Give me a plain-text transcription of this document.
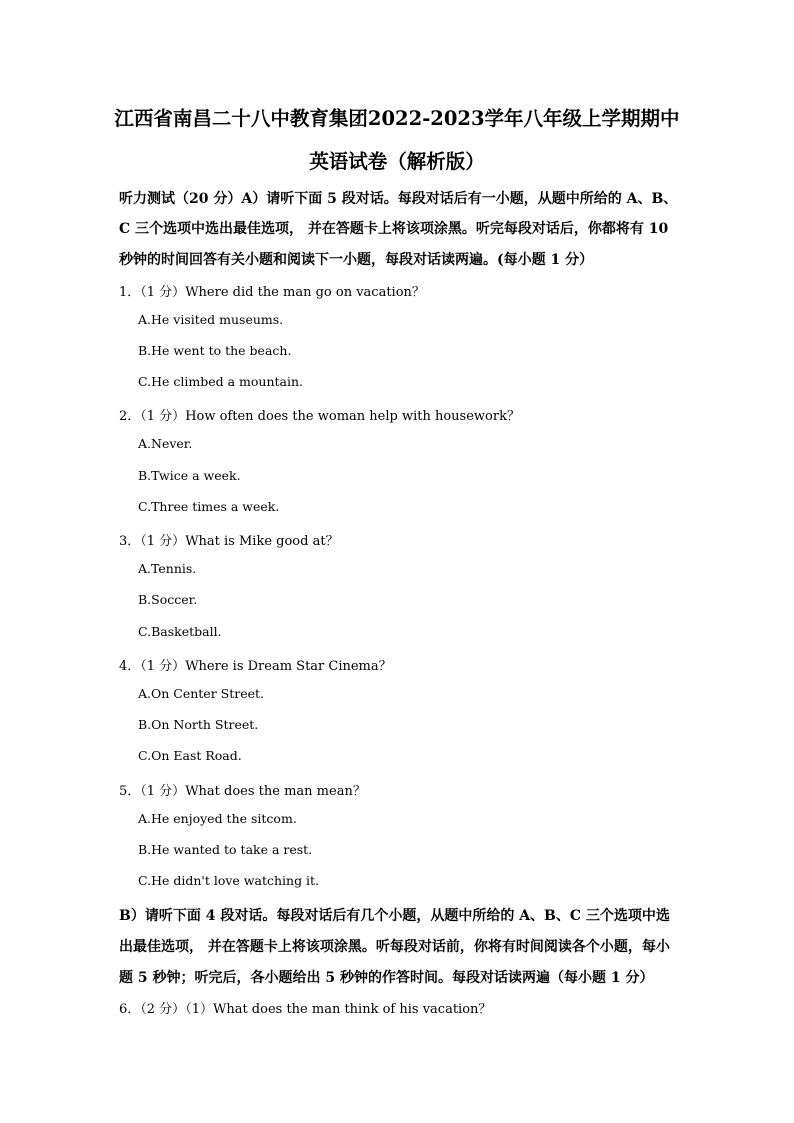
江西省南昌二十八中教育集团2022-2023学年八年级上学期期中
英语试卷（解析版）
听力测试（20 分）A）请听下面 5 段对话。每段对话后有一小题，从题中所给的 A、B、
C 三个选项中选出最佳选项， 并在答题卡上将该项涂黑。听完每段对话后，你都将有 10
秒钟的时间回答有关小题和阅读下一小题，每段对话读两遍。(每小题 1 分）
1．（1 分）Where did the man go on vacation？
A.He visited museums.
B.He went to the beach.
C.He climbed a mountain.
2．（1 分）How often does the woman help with housework？
A.Never.
B.Twice a week.
C.Three times a week.
3．（1 分）What is Mike good at？
A.Tennis.
B.Soccer.
C.Basketball.
4．（1 分）Where is Dream Star Cinema？
A.On Center Street.
B.On North Street.
C.On East Road.
5．（1 分）What does the man mean？
A.He enjoyed the sitcom.
B.He wanted to take a rest.
C.He didn't love watching it.
B）请听下面 4 段对话。每段对话后有几个小题，从题中所给的 A、B、C 三个选项中选
出最佳选项， 并在答题卡上将该项涂黑。听每段对话前，你将有时间阅读各个小题，每小
题 5 秒钟；听完后，各小题给出 5 秒钟的作答时间。每段对话读两遍（每小题 1 分）
6．（2 分）（1）What does the man think of his vacation？
